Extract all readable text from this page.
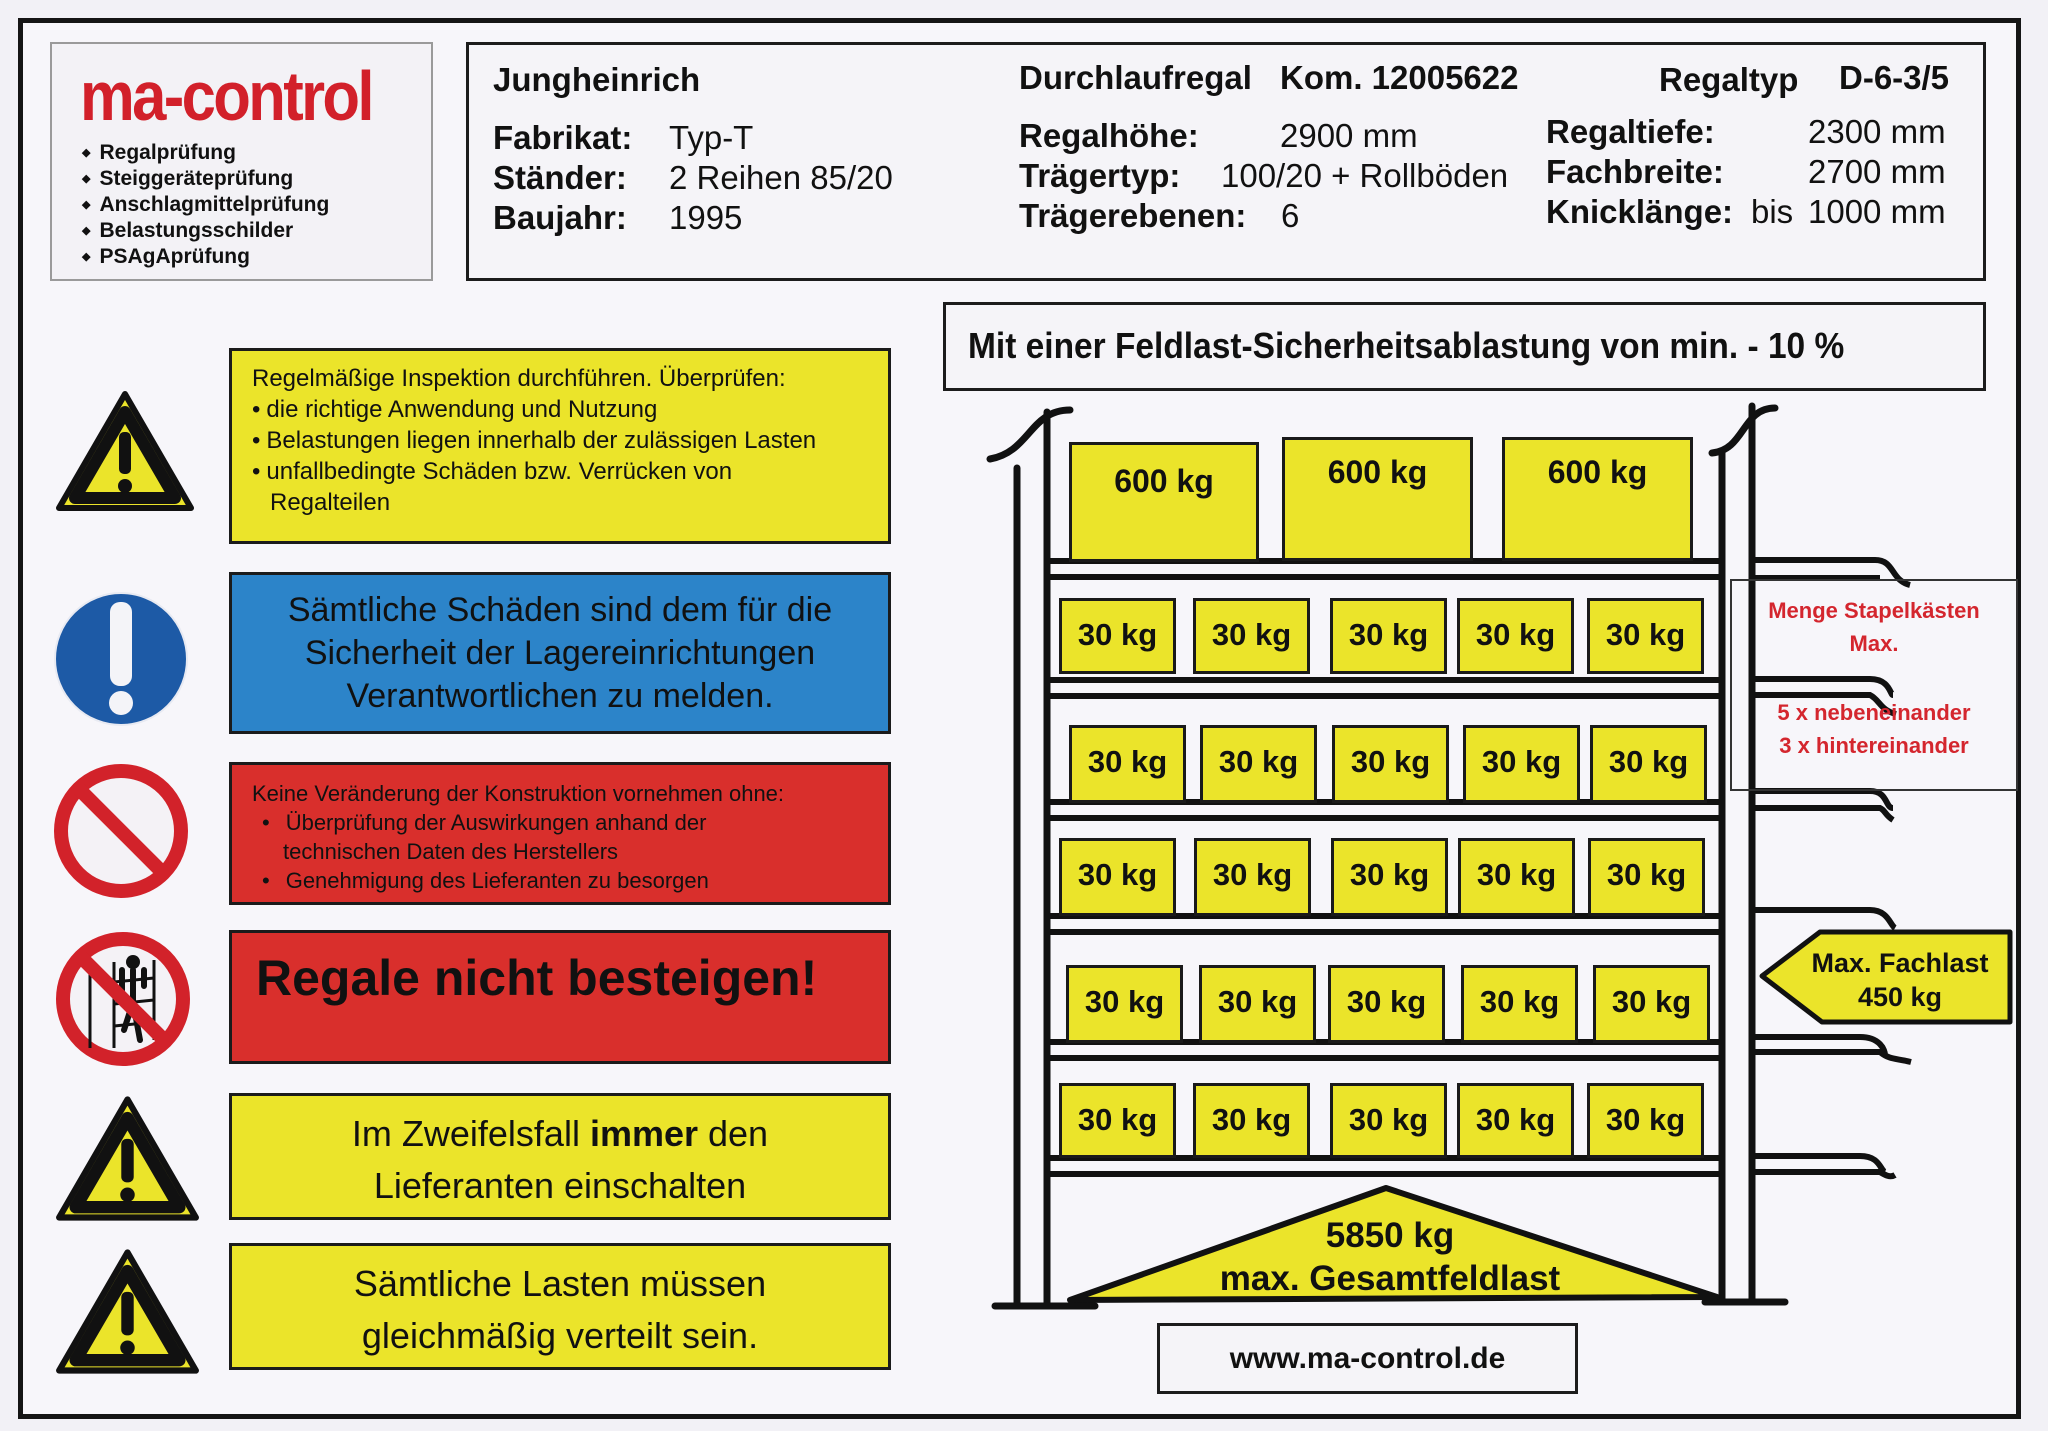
ma-control
◆ Regalprüfung
◆ Steiggeräteprüfung
◆ Anschlagmittelprüfung
◆ Belastungsschilder
◆ PSAgAprüfung
Jungheinrich	Durchlaufregal Kom. 12005622	Regaltyp D-6-3/5
Fabrikat: Typ-T
Ständer: 2 Reihen 85/20
Baujahr: 1995
Regalhöhe: 2900 mm
Trägertyp: 100/20 + Rollböden
Trägerebenen: 6
Regaltiefe:	2300 mm
Fachbreite:	2700 mm
Knicklänge: bis 1000 mm
Mit einer Feldlast-Sicherheitsablastung von min. - 10 %
Regelmäßige Inspektion durchführen. Überprüfen:
• die richtige Anwendung und Nutzung
• Belastungen liegen innerhalb der zulässigen Lasten
• unfallbedingte Schäden bzw. Verrücken von
Regalteilen
Sämtliche Schäden sind dem für die
Sicherheit der Lagereinrichtungen
Verantwortlichen zu melden.
Keine Veränderung der Konstruktion vornehmen ohne:
• Überprüfung der Auswirkungen anhand der
technischen Daten des Herstellers
• Genehmigung des Lieferanten zu besorgen
Regale nicht besteigen!
Im Zweifelsfall immer den
Lieferanten einschalten
Sämtliche Lasten müssen
gleichmäßig verteilt sein.
600 kg	600 kg	600 kg
30 kg	30 kg	30 kg	30 kg	30 kg
30 kg	30 kg	30 kg	30 kg	30 kg
30 kg	30 kg	30 kg	30 kg	30 kg
30 kg	30 kg	30 kg	30 kg	30 kg
30 kg	30 kg	30 kg	30 kg	30 kg
Menge Stapelkästen
Max.
5 x nebeneinander
3 x hintereinander
Max. Fachlast
450 kg
5850 kg
max. Gesamtfeldlast
www.ma-control.de
